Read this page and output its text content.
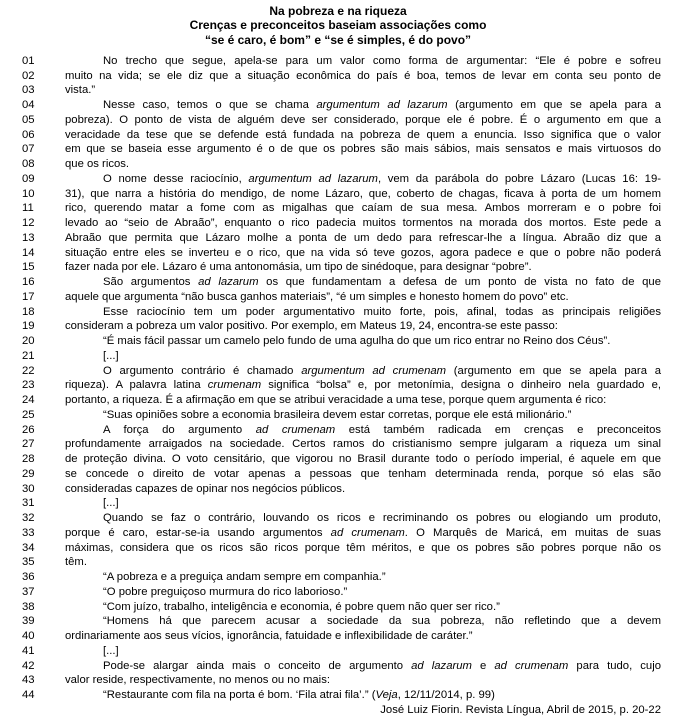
Na pobreza e na riqueza
Crenças e preconceitos baseiam associações como
“se é caro, é bom” e “se é simples, é do povo”
01	No trecho que segue, apela-se para um valor como forma de argumentar: “Ele é pobre e sofreu
02	muito na vida; se ele diz que a situação econômica do país é boa, temos de levar em conta seu ponto de
03	vista.”
04	Nesse caso, temos o que se chama argumentum ad lazarum (argumento em que se apela para a
05	pobreza). O ponto de vista de alguém deve ser considerado, porque ele é pobre. É o argumento em que a
06	veracidade da tese que se defende está fundada na pobreza de quem a enuncia. Isso significa que o valor
07	em que se baseia esse argumento é o de que os pobres são mais sábios, mais sensatos e mais virtuosos do
08	que os ricos.
09	O nome desse raciocínio, argumentum ad lazarum, vem da parábola do pobre Lázaro (Lucas 16: 19-
10	31), que narra a história do mendigo, de nome Lázaro, que, coberto de chagas, ficava à porta de um homem
11	rico, querendo matar a fome com as migalhas que caíam de sua mesa. Ambos morreram e o pobre foi
12	levado ao “seio de Abraão”, enquanto o rico padecia muitos tormentos na morada dos mortos. Este pede a
13	Abraão que permita que Lázaro molhe a ponta de um dedo para refrescar-lhe a língua. Abraão diz que a
14	situação entre eles se inverteu e o rico, que na vida só teve gozos, agora padece e que o pobre não poderá
15	fazer nada por ele. Lázaro é uma antonomásia, um tipo de sinédoque, para designar “pobre”.
16	São argumentos ad lazarum os que fundamentam a defesa de um ponto de vista no fato de que
17	aquele que argumenta “não busca ganhos materiais”, “é um simples e honesto homem do povo” etc.
18	Esse raciocínio tem um poder argumentativo muito forte, pois, afinal, todas as principais religiões
19	consideram a pobreza um valor positivo. Por exemplo, em Mateus 19, 24, encontra-se este passo:
20	“É mais fácil passar um camelo pelo fundo de uma agulha do que um rico entrar no Reino dos Céus”.
21	[...]
22	O argumento contrário é chamado argumentum ad crumenam (argumento em que se apela para a
23	riqueza). A palavra latina crumenam significa “bolsa” e, por metonímia, designa o dinheiro nela guardado e,
24	portanto, a riqueza. É a afirmação em que se atribui veracidade a uma tese, porque quem argumenta é rico:
25	“Suas opiniões sobre a economia brasileira devem estar corretas, porque ele está milionário.”
26	A força do argumento ad crumenam está também radicada em crenças e preconceitos
27	profundamente arraigados na sociedade. Certos ramos do cristianismo sempre julgaram a riqueza um sinal
28	de proteção divina. O voto censitário, que vigorou no Brasil durante todo o período imperial, é aquele em que
29	se concede o direito de votar apenas a pessoas que tenham determinada renda, porque só elas são
30	consideradas capazes de opinar nos negócios públicos.
31	[...]
32	Quando se faz o contrário, louvando os ricos e recriminando os pobres ou elogiando um produto,
33	porque é caro, estar-se-ia usando argumentos ad crumenam. O Marquês de Maricá, em muitas de suas
34	máximas, considera que os ricos são ricos porque têm méritos, e que os pobres são pobres porque não os
35	têm.
36	“A pobreza e a preguiça andam sempre em companhia.”
37	“O pobre preguiçoso murmura do rico laborioso.”
38	“Com juízo, trabalho, inteligência e economia, é pobre quem não quer ser rico.”
39	“Homens há que parecem acusar a sociedade da sua pobreza, não refletindo que a devem
40	ordinariamente aos seus vícios, ignorância, fatuidade e inflexibilidade de caráter.”
41	[...]
42	Pode-se alargar ainda mais o conceito de argumento ad lazarum e ad crumenam para tudo, cujo
43	valor reside, respectivamente, no menos ou no mais:
44	“Restaurante com fila na porta é bom. ‘Fila atrai fila’.” (Veja, 12/11/2014, p. 99)
José Luiz Fiorin. Revista Língua, Abril de 2015, p. 20-22
